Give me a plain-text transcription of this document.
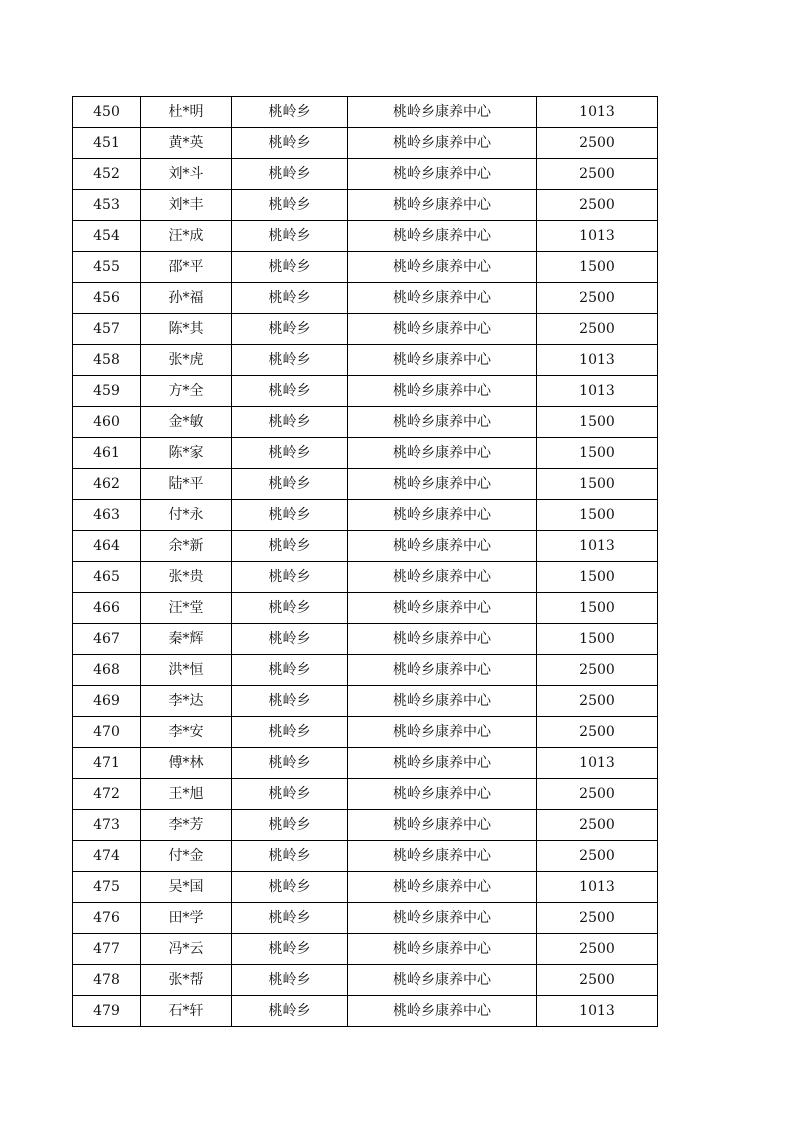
450	杜*明	桃岭乡	桃岭乡康养中心	1013
451	黄*英	桃岭乡	桃岭乡康养中心	2500
452	刘*斗	桃岭乡	桃岭乡康养中心	2500
453	刘*丰	桃岭乡	桃岭乡康养中心	2500
454	汪*成	桃岭乡	桃岭乡康养中心	1013
455	邵*平	桃岭乡	桃岭乡康养中心	1500
456	孙*福	桃岭乡	桃岭乡康养中心	2500
457	陈*其	桃岭乡	桃岭乡康养中心	2500
458	张*虎	桃岭乡	桃岭乡康养中心	1013
459	方*全	桃岭乡	桃岭乡康养中心	1013
460	金*敏	桃岭乡	桃岭乡康养中心	1500
461	陈*家	桃岭乡	桃岭乡康养中心	1500
462	陆*平	桃岭乡	桃岭乡康养中心	1500
463	付*永	桃岭乡	桃岭乡康养中心	1500
464	余*新	桃岭乡	桃岭乡康养中心	1013
465	张*贵	桃岭乡	桃岭乡康养中心	1500
466	汪*堂	桃岭乡	桃岭乡康养中心	1500
467	秦*辉	桃岭乡	桃岭乡康养中心	1500
468	洪*恒	桃岭乡	桃岭乡康养中心	2500
469	李*达	桃岭乡	桃岭乡康养中心	2500
470	李*安	桃岭乡	桃岭乡康养中心	2500
471	傅*林	桃岭乡	桃岭乡康养中心	1013
472	王*旭	桃岭乡	桃岭乡康养中心	2500
473	李*芳	桃岭乡	桃岭乡康养中心	2500
474	付*金	桃岭乡	桃岭乡康养中心	2500
475	吴*国	桃岭乡	桃岭乡康养中心	1013
476	田*学	桃岭乡	桃岭乡康养中心	2500
477	冯*云	桃岭乡	桃岭乡康养中心	2500
478	张*帮	桃岭乡	桃岭乡康养中心	2500
479	石*轩	桃岭乡	桃岭乡康养中心	1013
